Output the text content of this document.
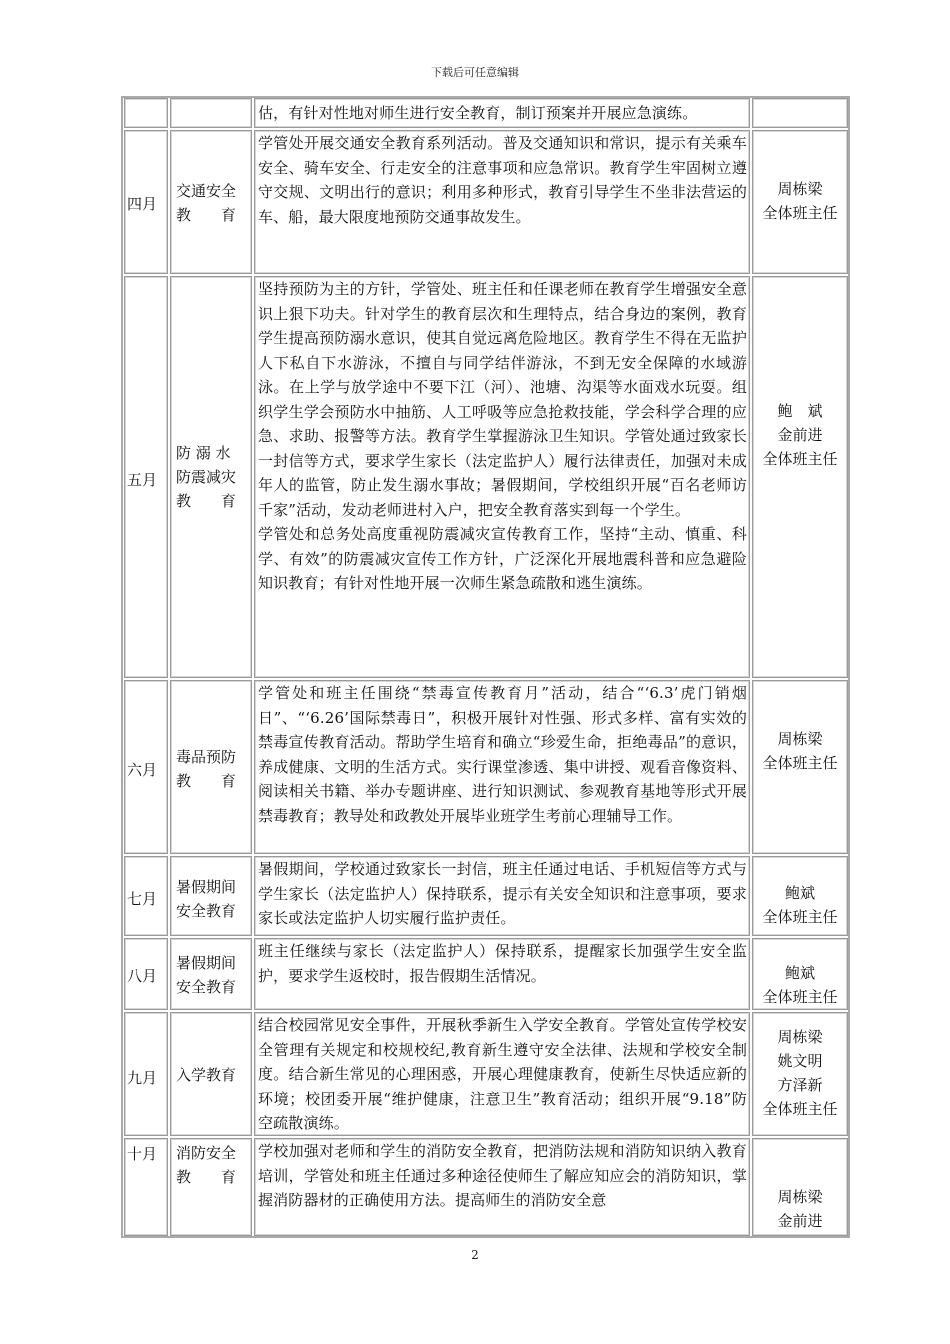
下载后可任意编辑

估，有针对性地对师生进行安全教育，制订预案并开展应急演练。

四月
交通安全
教　　育

学管处开展交通安全教育系列活动。普及交通知识和常识，提示有关乘车安全、骑车安全、行走安全的注意事项和应急常识。教育学生牢固树立遵守交规、文明出行的意识；利用多种形式，教育引导学生不坐非法营运的车、船，最大限度地预防交通事故发生。

周栋梁
全体班主任
五月
防 溺 水
防震减灾
教　　育

坚持预防为主的方针，学管处、班主任和任课老师在教育学生增强安全意识上狠下功夫。针对学生的教育层次和生理特点，结合身边的案例，教育学生提高预防溺水意识，使其自觉远离危险地区。教育学生不得在无监护人下私自下水游泳，不擅自与同学结伴游泳，不到无安全保障的水域游泳。在上学与放学途中不要下江（河）、池塘、沟渠等水面戏水玩耍。组织学生学会预防水中抽筋、人工呼吸等应急抢救技能，学会科学合理的应急、求助、报警等方法。教育学生掌握游泳卫生知识。学管处通过致家长一封信等方式，要求学生家长（法定监护人）履行法律责任，加强对未成年人的监管，防止发生溺水事故；暑假期间，学校组织开展“百名老师访千家”活动，发动老师进村入户，把安全教育落实到每一个学生。

学管处和总务处高度重视防震减灾宣传教育工作，坚持“主动、慎重、科学、有效”的防震减灾宣传工作方针，广泛深化开展地震科普和应急避险知识教育；有针对性地开展一次师生紧急疏散和逃生演练。

鲍　斌
金前进
全体班主任
六月
毒品预防
教　　育

学管处和班主任围绕“禁毒宣传教育月”活动，结合“‘6.3’虎门销烟日”、“‘6.26’国际禁毒日”，积极开展针对性强、形式多样、富有实效的禁毒宣传教育活动。帮助学生培育和确立“珍爱生命，拒绝毒品”的意识，养成健康、文明的生活方式。实行课堂渗透、集中讲授、观看音像资料、阅读相关书籍、举办专题讲座、进行知识测试、参观教育基地等形式开展禁毒教育；教导处和政教处开展毕业班学生考前心理辅导工作。

周栋梁
全体班主任
七月
暑假期间
安全教育

暑假期间，学校通过致家长一封信，班主任通过电话、手机短信等方式与学生家长（法定监护人）保持联系，提示有关安全知识和注意事项，要求家长或法定监护人切实履行监护责任。

鲍斌
全体班主任
八月
暑假期间
安全教育

班主任继续与家长（法定监护人）保持联系，提醒家长加强学生安全监护，要求学生返校时，报告假期生活情况。	鲍斌
全体班主任
九月 入学教育

结合校园常见安全事件，开展秋季新生入学安全教育。学管处宣传学校安全管理有关规定和校规校纪,教育新生遵守安全法律、法规和学校安全制度。结合新生常见的心理困惑，开展心理健康教育，使新生尽快适应新的环境；校团委开展“维护健康，注意卫生”教育活动；组织开展“9.18”防空疏散演练。

周栋梁
姚文明
方泽新
全体班主任
十月 消防安全
教　　育

学校加强对老师和学生的消防安全教育，把消防法规和消防知识纳入教育培训，学管处和班主任通过多种途径使师生了解应知应会的消防知识，掌握消防器材的正确使用方法。提高师生的消防安全意	周栋梁
金前进
2
